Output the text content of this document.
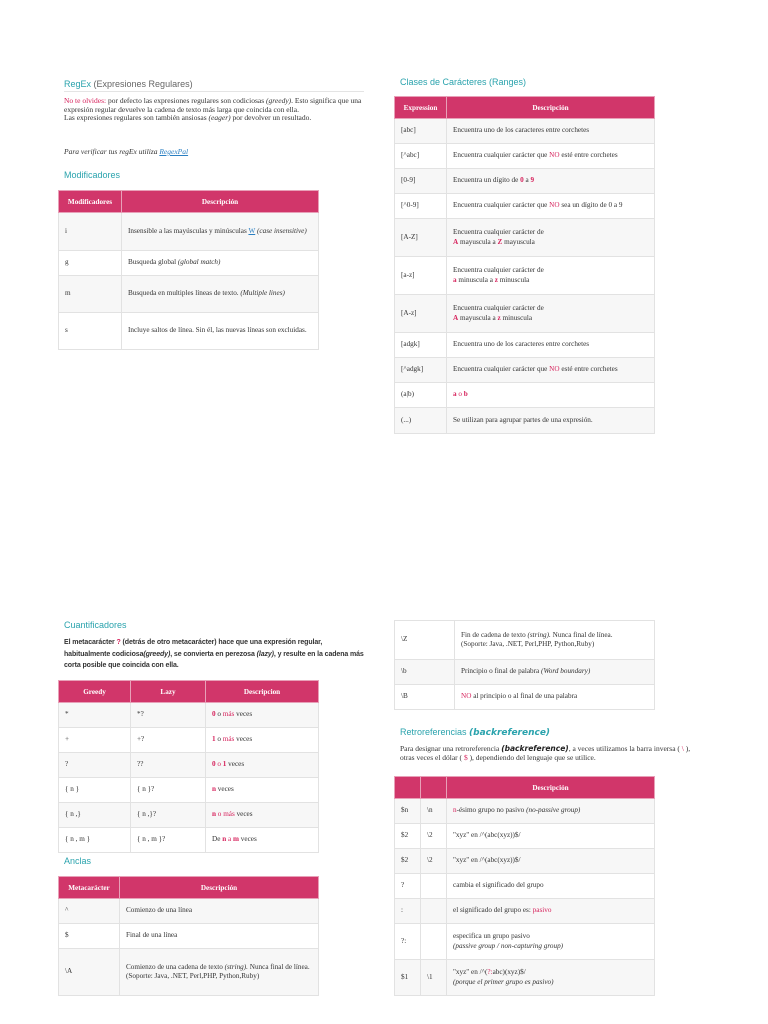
RegEx (Expresiones Regulares)
No te olvides: por defecto las expresiones regulares son codiciosas (greedy). Esto significa que una expresión regular devuelve la cadena de texto más larga que coincida con ella.
Las expresiones regulares son también ansiosas (eager) por devolver un resultado.
Para verificar tus regEx utiliza RegexPal
Modificadores
Modificadores	Descripción
i	Insensible a las mayúsculas y minúsculas W (case insensitive)
g	Busqueda global (global match)
m	Busqueda en multiples líneas de texto. (Multiple lines)
s	Incluye saltos de línea. Sin él, las nuevas líneas son excluidas.
Clases de Carácteres (Ranges)
Expression	Descripción
[abc]	Encuentra uno de los caracteres entre corchetes
[^abc]	Encuentra cualquier carácter que NO esté entre corchetes
[0-9]	Encuentra un dígito de 0 a 9
[^0-9]	Encuentra cualquier carácter que NO sea un dígito de 0 a 9
[A-Z]	Encuentra cualquier carácter de
A mayuscula a Z mayuscula
[a-z]	Encuentra cualquier carácter de
a minuscula a z minuscula
[A-z]	Encuentra cualquier carácter de
A mayuscula a z minuscula
[adgk]	Encuentra uno de los caracteres entre corchetes
[^adgk]	Encuentra cualquier carácter que NO esté entre corchetes
(a|b)	a o b
(...)	Se utilizan para agrupar partes de una expresión.
Cuantificadores
El metacarácter ? (detrás de otro metacarácter) hace que una expresión regular, habitualmente codiciosa(greedy), se convierta en perezosa (lazy), y resulte en la cadena más corta posible que coincida con ella.
Greedy	Lazy	Descripcion
*	*?	0 o más veces
+	+?	1 o más veces
?	??	0 o 1 veces
{ n }	{ n }?	n veces
{ n ,}	{ n ,}?	n o más veces
{ n , m }	{ n , m }?	De n a m veces
Anclas
Metacarácter	Descripción
^	Comienzo de una línea
$	Final de una línea
\A	Comienzo de una cadena de texto (string). Nunca final de línea.
(Soporte: Java, .NET, Perl,PHP, Python,Ruby)
\Z	Fin de cadena de texto (string). Nunca final de línea.
(Soporte: Java, .NET, Perl,PHP, Python,Ruby)
\b	Principio o final de palabra (Word boundary)
\B	NO al principio o al final de una palabra
Retroreferencias (backreference)
Para designar una retroreferencia (backreference), a veces utilizamos la barra inversa ( \ ), otras veces el dólar ( $ ), dependiendo del lenguaje que se utilice.
		Descripción
$n	\n	n-ésimo grupo no pasivo (no-passive group)
$2	\2	"xyz" en /^(abc(xyz))$/
$2	\2	"xyz" en /^(abc(xyz))$/
?		cambia el significado del grupo
:		el significado del grupo es: pasivo
?:		especifica un grupo pasivo
(passive group / non-capturing group)
$1	\1	"xyz" en /^(?:abc)(xyz)$/
(porque el primer grupo es pasivo)
